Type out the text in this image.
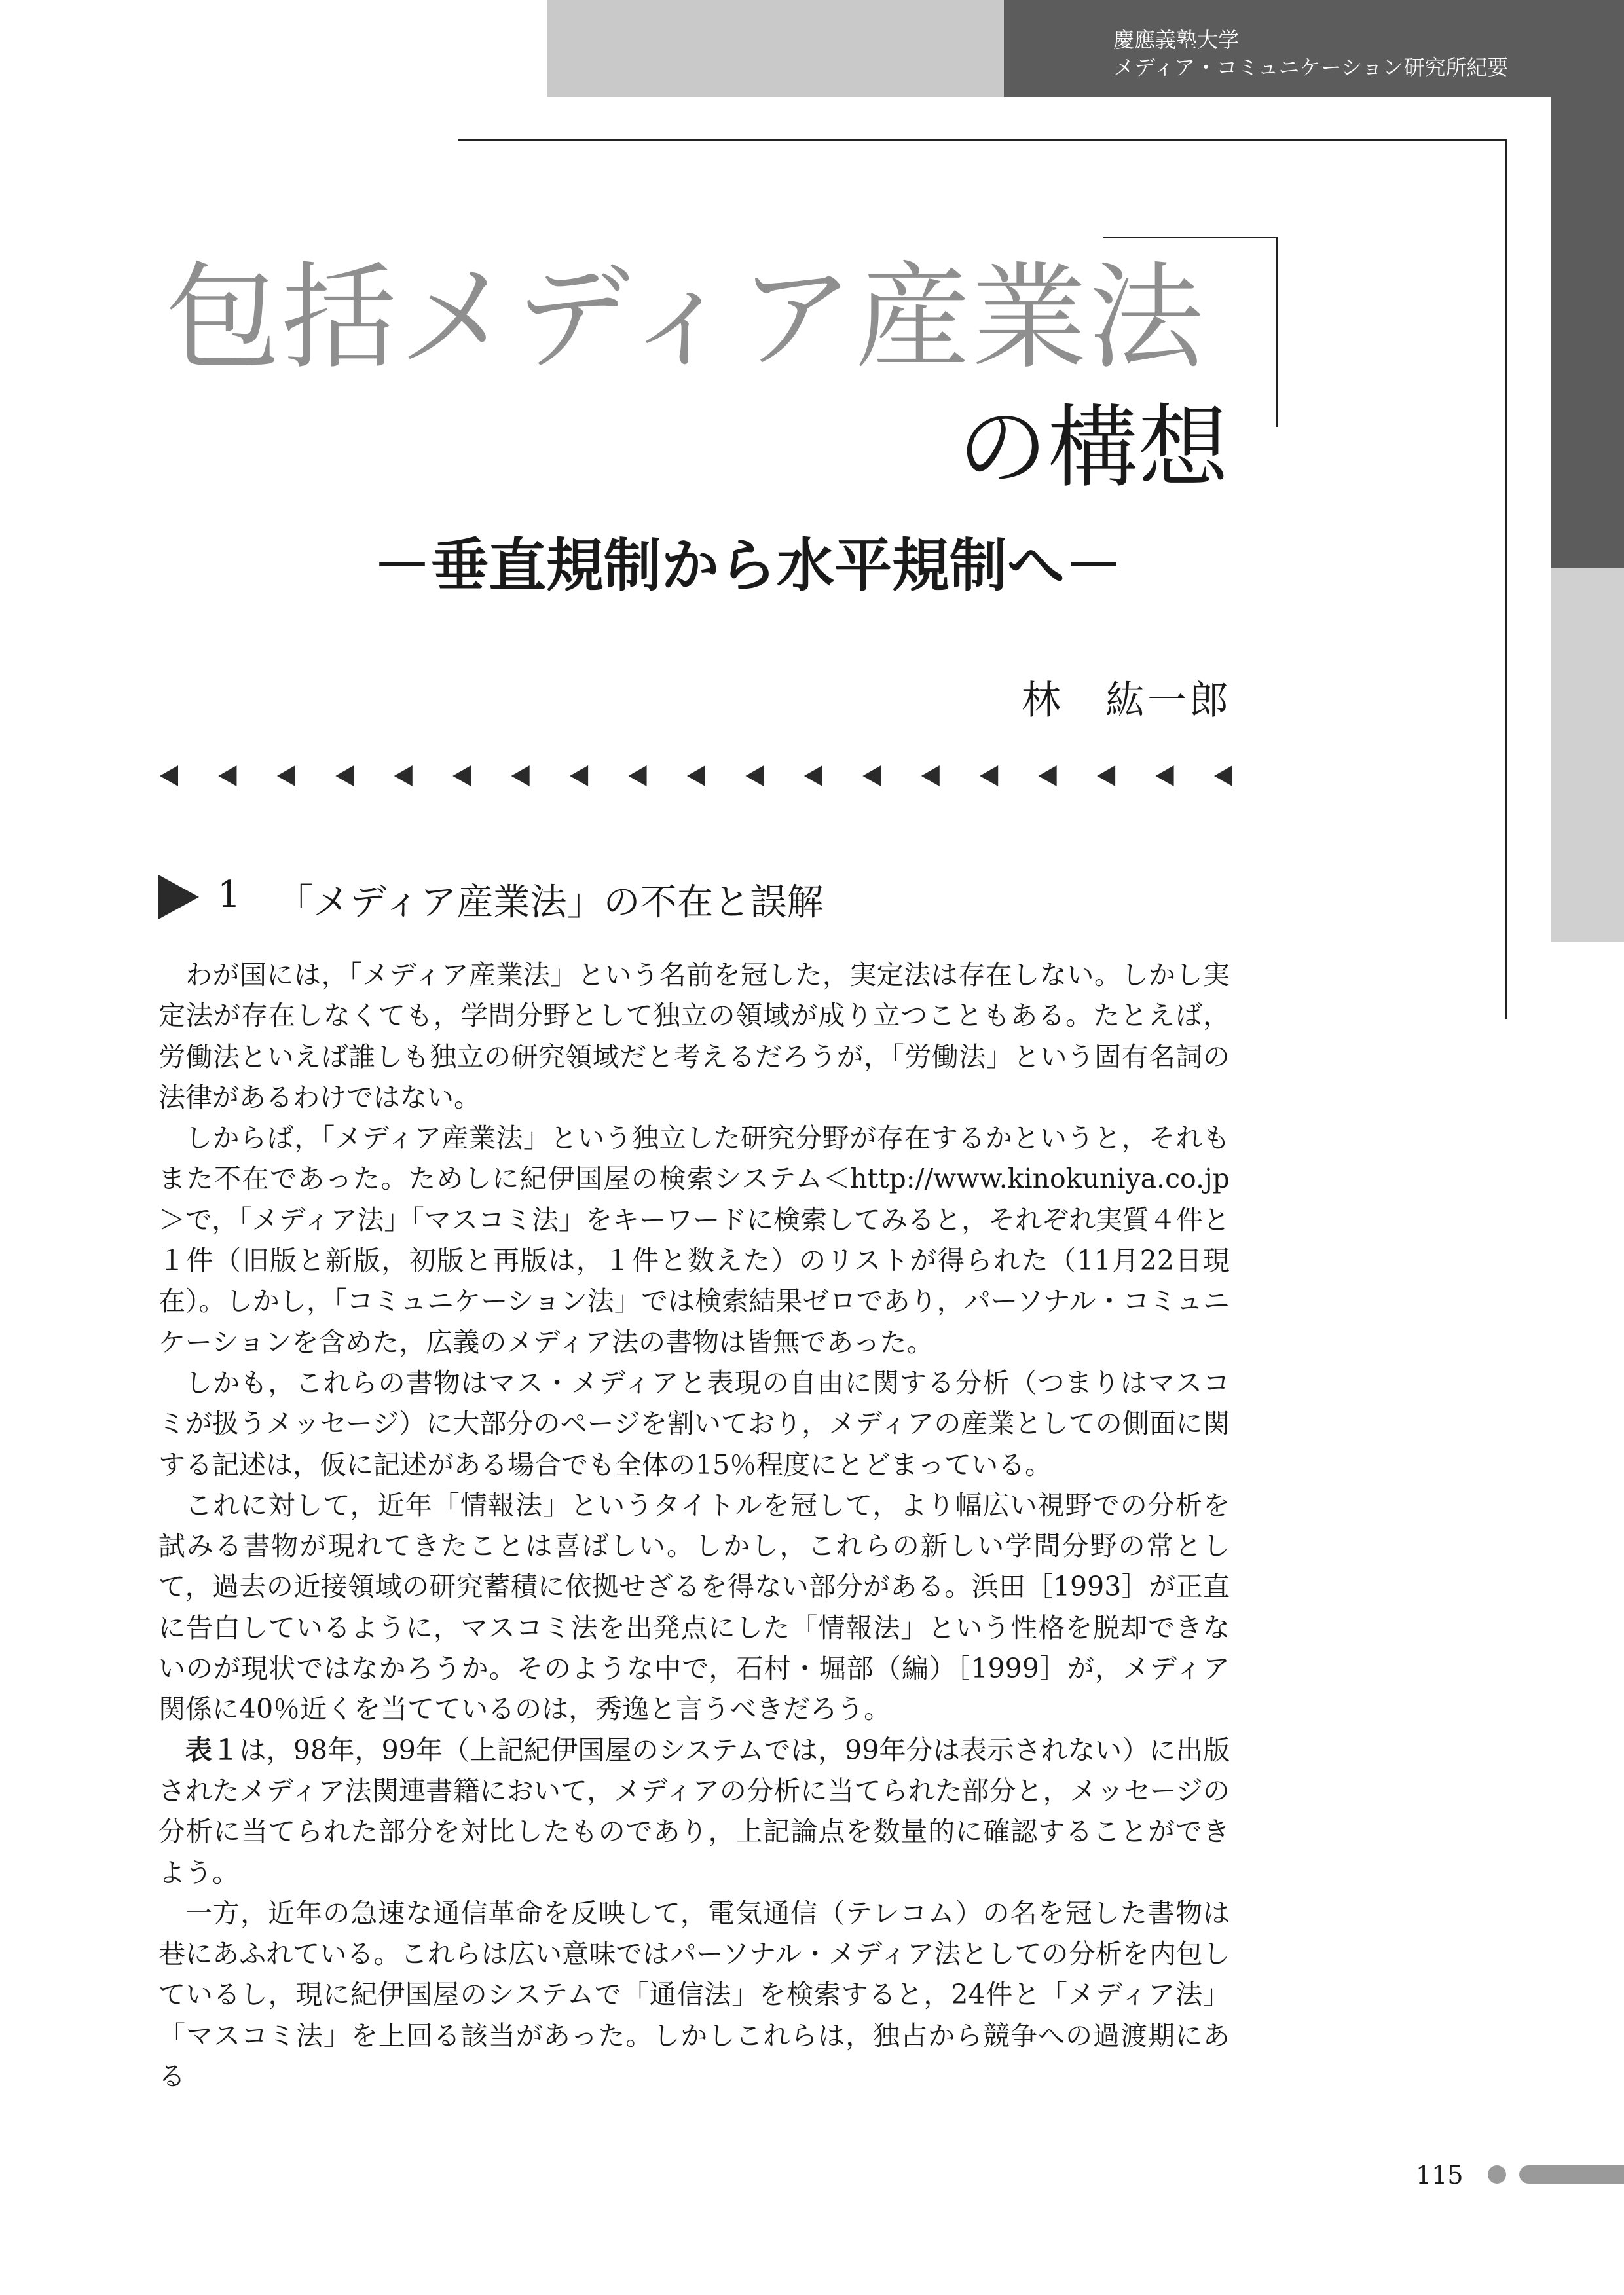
慶應義塾大学
メディア・コミュニケーション研究所紀要
包括メディア産業法
の構想
－垂直規制から水平規制へ－
林　紘一郎
1 「メディア産業法」の不在と誤解

わが国には，「メディア産業法」という名前を冠した，実定法は存在しない。しかし実定法が存在しなくても，学問分野として独立の領域が成り立つこともある。たとえば，労働法といえば誰しも独立の研究領域だと考えるだろうが，「労働法」という固有名詞の法律があるわけではない。

しからば，「メディア産業法」という独立した研究分野が存在するかというと，それもまた不在であった。ためしに紀伊国屋の検索システム＜http://www.kinokuniya.co.jp＞で，「メディア法」「マスコミ法」をキーワードに検索してみると，それぞれ実質４件と１件（旧版と新版，初版と再版は，１件と数えた）のリストが得られた（11月22日現在）。しかし，「コミュニケーション法」では検索結果ゼロであり，パーソナル・コミュニケーションを含めた，広義のメディア法の書物は皆無であった。

しかも，これらの書物はマス・メディアと表現の自由に関する分析（つまりはマスコミが扱うメッセージ）に大部分のページを割いており，メディアの産業としての側面に関する記述は，仮に記述がある場合でも全体の15％程度にとどまっている。

これに対して，近年「情報法」というタイトルを冠して，より幅広い視野での分析を試みる書物が現れてきたことは喜ばしい。しかし，これらの新しい学問分野の常として，過去の近接領域の研究蓄積に依拠せざるを得ない部分がある。浜田［1993］が正直に告白しているように，マスコミ法を出発点にした「情報法」という性格を脱却できないのが現状ではなかろうか。そのような中で，石村・堀部（編）［1999］が，メディア関係に40％近くを当てているのは，秀逸と言うべきだろう。

表１は，98年，99年（上記紀伊国屋のシステムでは，99年分は表示されない）に出版されたメディア法関連書籍において，メディアの分析に当てられた部分と，メッセージの分析に当てられた部分を対比したものであり，上記論点を数量的に確認することができよう。

一方，近年の急速な通信革命を反映して，電気通信（テレコム）の名を冠した書物は巷にあふれている。これらは広い意味ではパーソナル・メディア法としての分析を内包しているし，現に紀伊国屋のシステムで「通信法」を検索すると，24件と「メディア法」「マスコミ法」を上回る該当があった。しかしこれらは，独占から競争への過渡期にある

115
